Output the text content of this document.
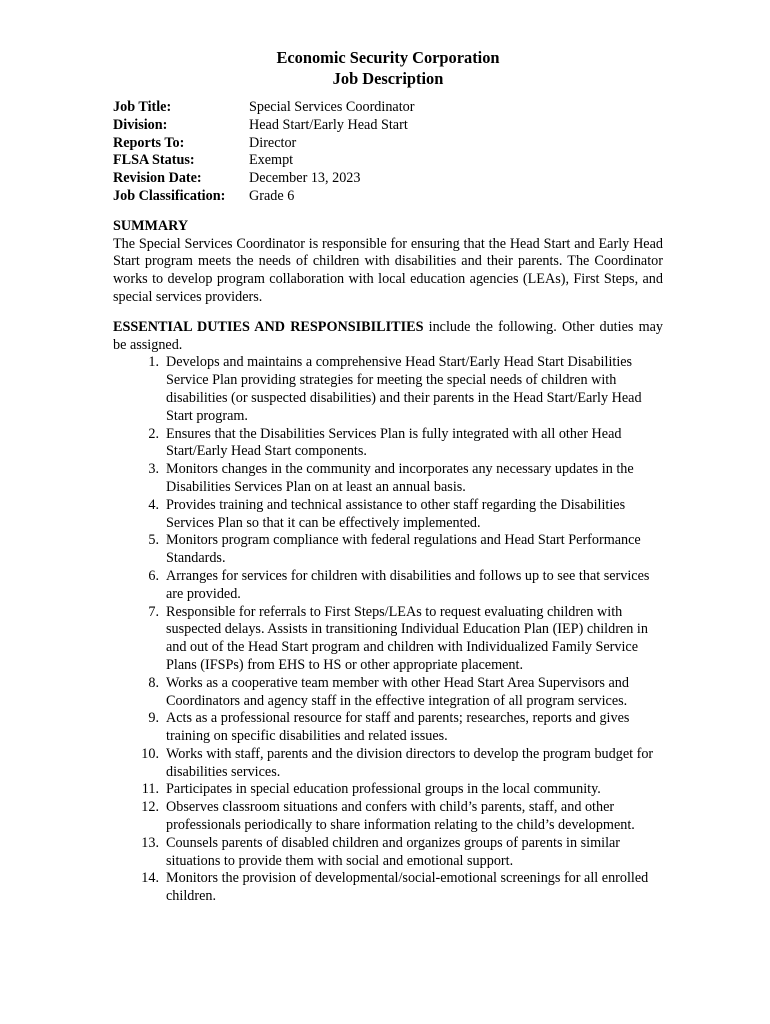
Economic Security Corporation
Job Description
Job Title:	Special Services Coordinator
Division:	Head Start/Early Head Start
Reports To:	Director
FLSA Status:	Exempt
Revision Date:	December 13, 2023
Job Classification:	Grade 6
SUMMARY
The Special Services Coordinator is responsible for ensuring that the Head Start and Early Head Start program meets the needs of children with disabilities and their parents. The Coordinator works to develop program collaboration with local education agencies (LEAs), First Steps, and special services providers.
ESSENTIAL DUTIES AND RESPONSIBILITIES include the following. Other duties may be assigned.
1. Develops and maintains a comprehensive Head Start/Early Head Start Disabilities Service Plan providing strategies for meeting the special needs of children with disabilities (or suspected disabilities) and their parents in the Head Start/Early Head Start program.
2. Ensures that the Disabilities Services Plan is fully integrated with all other Head Start/Early Head Start components.
3. Monitors changes in the community and incorporates any necessary updates in the Disabilities Services Plan on at least an annual basis.
4. Provides training and technical assistance to other staff regarding the Disabilities Services Plan so that it can be effectively implemented.
5. Monitors program compliance with federal regulations and Head Start Performance Standards.
6. Arranges for services for children with disabilities and follows up to see that services are provided.
7. Responsible for referrals to First Steps/LEAs to request evaluating children with suspected delays. Assists in transitioning Individual Education Plan (IEP) children in and out of the Head Start program and children with Individualized Family Service Plans (IFSPs) from EHS to HS or other appropriate placement.
8. Works as a cooperative team member with other Head Start Area Supervisors and Coordinators and agency staff in the effective integration of all program services.
9. Acts as a professional resource for staff and parents; researches, reports and gives training on specific disabilities and related issues.
10. Works with staff, parents and the division directors to develop the program budget for disabilities services.
11. Participates in special education professional groups in the local community.
12. Observes classroom situations and confers with child’s parents, staff, and other professionals periodically to share information relating to the child’s development.
13. Counsels parents of disabled children and organizes groups of parents in similar situations to provide them with social and emotional support.
14. Monitors the provision of developmental/social-emotional screenings for all enrolled children.
